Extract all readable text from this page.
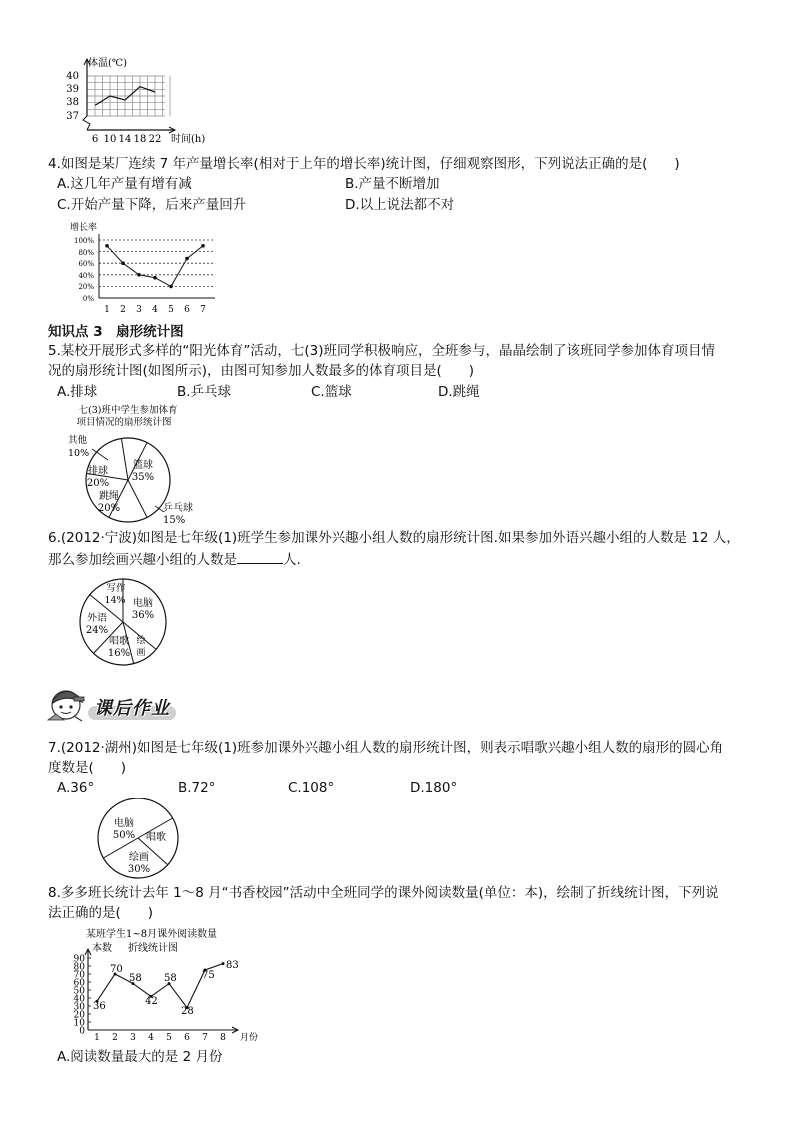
体温(℃)
40
39
38
37
6 10 14 18 22 时间(h)
4.如图是某厂连续 7 年产量增长率(相对于上年的增长率)统计图，仔细观察图形，下列说法正确的是(　　)
A.这几年产量有增有减	B.产量不断增加
C.开始产量下降，后来产量回升	D.以上说法都不对
增长率
100%
80%
60%
40%
20%
0%
1 2 3 4 5 6 7
知识点 3　扇形统计图
5.某校开展形式多样的“阳光体育”活动，七(3)班同学积极响应，全班参与，晶晶绘制了该班同学参加体育项目情
况的扇形统计图(如图所示)，由图可知参加人数最多的体育项目是(　　)
A.排球	B.乒乓球	C.篮球	D.跳绳
七(3)班中学生参加体育
项目情况的扇形统计图
其他
10%
排球
20%
篮球
35%
跳绳
20%	乒乓球
15%
6.(2012·宁波)如图是七年级(1)班学生参加课外兴趣小组人数的扇形统计图.如果参加外语兴趣小组的人数是 12 人，
那么参加绘画兴趣小组的人数是	人.
写作
14% 电脑
36%
外语
24%
唱歌
16%
绘
画
课后作业
7.(2012·湖州)如图是七年级(1)班参加课外兴趣小组人数的扇形统计图，则表示唱歌兴趣小组人数的扇形的圆心角
度数是(　　)
A.36°	B.72°	C.108°	D.180°
电脑
50% 唱歌
绘画
30%
8.多多班长统计去年 1～8 月“书香校园”活动中全班同学的课外阅读数量(单位：本)，绘制了折线统计图，下列说
法正确的是(　　)
某班学生1~8月课外阅读数量
本数 折线统计图
90
80
70
60
50
40
30
20
10
0
1 2 3 4 5 6 7 8 月份
36
70
58
42
58
28
75
83
A.阅读数量最大的是 2 月份
